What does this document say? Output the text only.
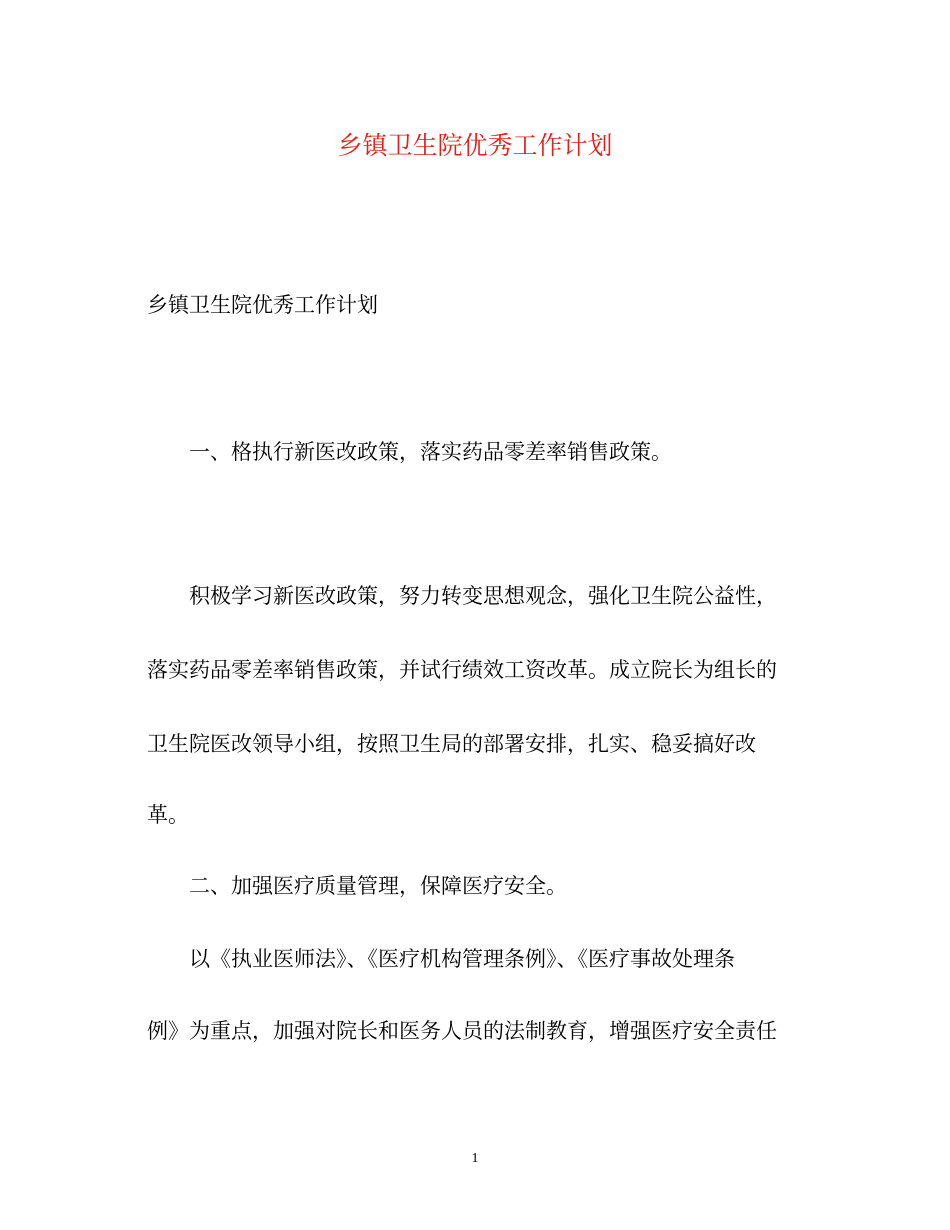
乡镇卫生院优秀工作计划
乡镇卫生院优秀工作计划
一、格执行新医改政策，落实药品零差率销售政策。
积极学习新医改政策，努力转变思想观念，强化卫生院公益性，
落实药品零差率销售政策，并试行绩效工资改革。成立院长为组长的
卫生院医改领导小组，按照卫生局的部署安排，扎实、稳妥搞好改
革。
二、加强医疗质量管理，保障医疗安全。
以《执业医师法》、《医疗机构管理条例》、《医疗事故处理条
例》为重点，加强对院长和医务人员的法制教育，增强医疗安全责任
1
